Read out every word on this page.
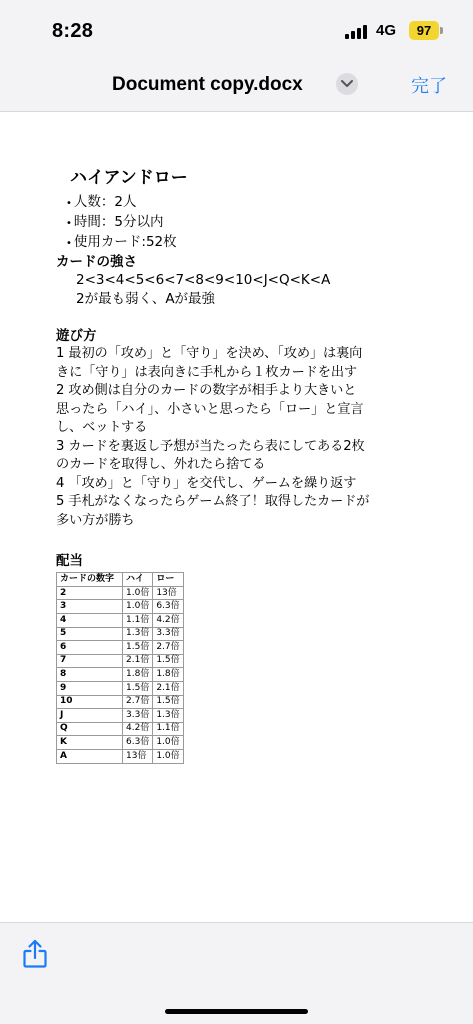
8:28	4G	97
Document copy.docx	完了
ハイアンドロー
• 人数：2人
• 時間：5分以内
• 使用カード:52枚
カードの強さ
2<3<4<5<6<7<8<9<10<J<Q<K<A
2が最も弱く、Aが最強
遊び方
1 最初の「攻め」と「守り」を決め、「攻め」は裏向
きに「守り」は表向きに手札から１枚カードを出す
2 攻め側は自分のカードの数字が相手より大きいと
思ったら「ハイ」、小さいと思ったら「ロー」と宣言
し、ベットする
3 カードを裏返し予想が当たったら表にしてある2枚
のカードを取得し、外れたら捨てる
4 「攻め」と「守り」を交代し、ゲームを繰り返す
5 手札がなくなったらゲーム終了！取得したカードが
多い方が勝ち
配当
カードの数字	ハイ	ロー
2	1.0倍	13倍
3	1.0倍	6.3倍
4	1.1倍	4.2倍
5	1.3倍	3.3倍
6	1.5倍	2.7倍
7	2.1倍	1.5倍
8	1.8倍	1.8倍
9	1.5倍	2.1倍
10	2.7倍	1.5倍
J	3.3倍	1.3倍
Q	4.2倍	1.1倍
K	6.3倍	1.0倍
A	13倍	1.0倍
